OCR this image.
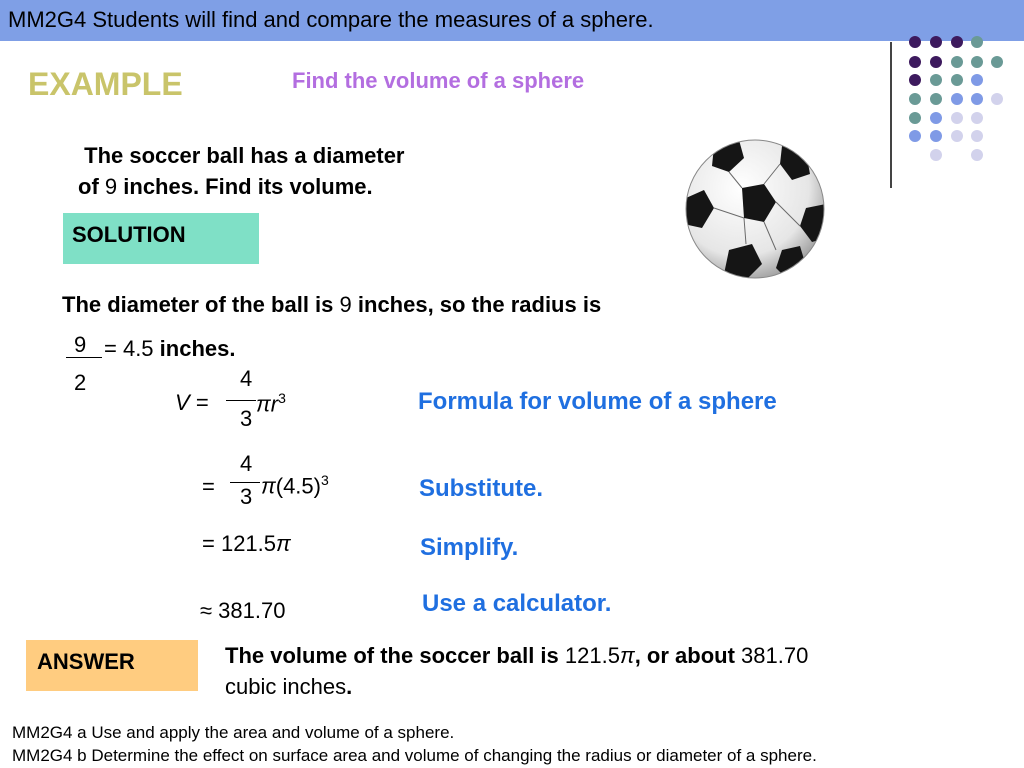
MM2G4 Students will find and compare the measures of a sphere.
EXAMPLE	Find the volume of a sphere
The soccer ball has a diameter
of 9 inches. Find its volume.
SOLUTION
The diameter of the ball is 9 inches, so the radius is
9
2
= 4.5 inches.
V =
4
3
$\pi r^3$
=
4
3 $\pi(4.5)^3$
= 121.5π
≈ 381.70
Formula for volume of a sphere
Substitute.
Simplify.
Use a calculator.
ANSWER	The volume of the soccer ball is 121.5π, or about 381.70
cubic inches.
MM2G4 a Use and apply the area and volume of a sphere.
MM2G4 b Determine the effect on surface area and volume of changing the radius or diameter of a sphere.
